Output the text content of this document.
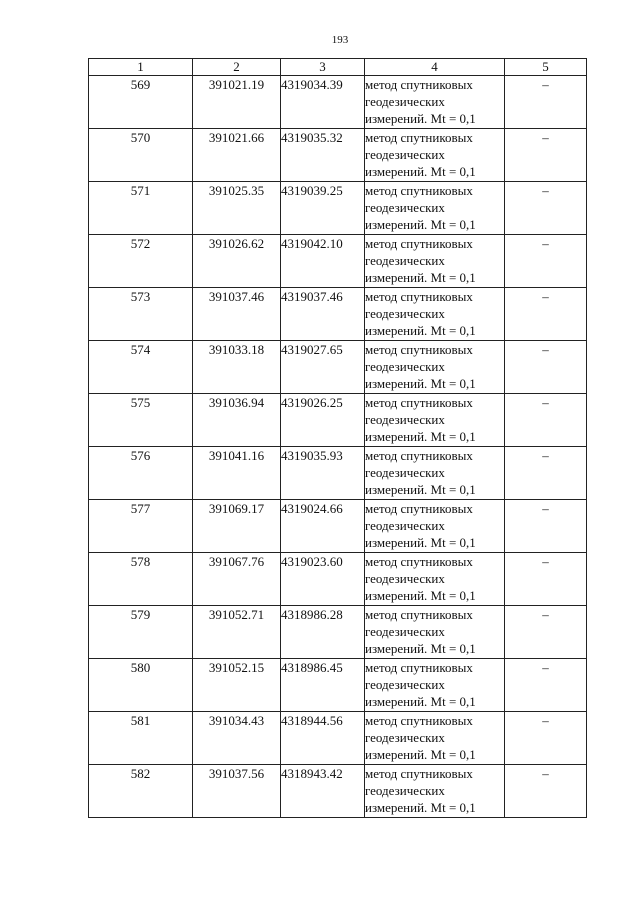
193
1	2	3	4	5
569	391021.19	4319034.39	метод спутниковых геодезических измерений. Mt = 0,1	–
570	391021.66	4319035.32	метод спутниковых геодезических измерений. Mt = 0,1	–
571	391025.35	4319039.25	метод спутниковых геодезических измерений. Mt = 0,1	–
572	391026.62	4319042.10	метод спутниковых геодезических измерений. Mt = 0,1	–
573	391037.46	4319037.46	метод спутниковых геодезических измерений. Mt = 0,1	–
574	391033.18	4319027.65	метод спутниковых геодезических измерений. Mt = 0,1	–
575	391036.94	4319026.25	метод спутниковых геодезических измерений. Mt = 0,1	–
576	391041.16	4319035.93	метод спутниковых геодезических измерений. Mt = 0,1	–
577	391069.17	4319024.66	метод спутниковых геодезических измерений. Mt = 0,1	–
578	391067.76	4319023.60	метод спутниковых геодезических измерений. Mt = 0,1	–
579	391052.71	4318986.28	метод спутниковых геодезических измерений. Mt = 0,1	–
580	391052.15	4318986.45	метод спутниковых геодезических измерений. Mt = 0,1	–
581	391034.43	4318944.56	метод спутниковых геодезических измерений. Mt = 0,1	–
582	391037.56	4318943.42	метод спутниковых геодезических измерений. Mt = 0,1	–
